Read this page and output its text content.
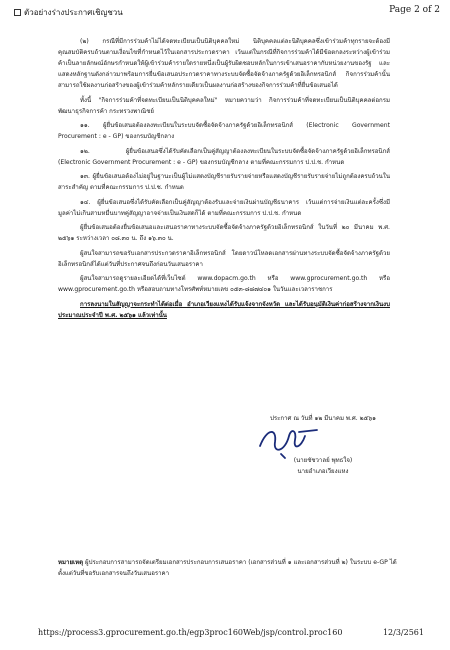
ตัวอย่างร่างประกาศเชิญชวน	Page 2 of 2

(๒) กรณีที่มีการร่วมค้าไม่ได้จดทะเบียนเป็นนิติบุคคลใหม่ นิติบุคคลแต่ละนิติบุคคลซึ่งเข้าร่วมค้าทุกรายจะต้องมีคุณสมบัติครบถ้วนตามเงื่อนไขที่กำหนดไว้ในเอกสารประกวดราคา เว้นแต่ในกรณีที่กิจการร่วมค้าได้มีข้อตกลงระหว่างผู้เข้าร่วมค้าเป็นลายลักษณ์อักษรกำหนดให้ผู้เข้าร่วมค้ารายใดรายหนึ่งเป็นผู้รับผิดชอบหลักในการเข้าเสนอราคากับหน่วยงานของรัฐ และแสดงหลักฐานดังกล่าวมาพร้อมการยื่นข้อเสนอประกวดราคาทางระบบจัดซื้อจัดจ้างภาครัฐด้วยอิเล็กทรอนิกส์ กิจการร่วมค้านั้นสามารถใช้ผลงานก่อสร้างของผู้เข้าร่วมค้าหลักรายเดียวเป็นผลงานก่อสร้างของกิจการร่วมค้าที่ยื่นข้อเสนอได้

ทั้งนี้ "กิจการร่วมค้าที่จดทะเบียนเป็นนิติบุคคลใหม่" หมายความว่า กิจการร่วมค้าที่จดทะเบียนเป็นนิติบุคคลต่อกรมพัฒนาธุรกิจการค้า กระทรวงพาณิชย์

๑๑. ผู้ยื่นข้อเสนอต้องลงทะเบียนในระบบจัดซื้อจัดจ้างภาครัฐด้วยอิเล็กทรอนิกส์ (Electronic Government Procurement : e - GP) ของกรมบัญชีกลาง

๑๒. ผู้ยื่นข้อเสนอซึ่งได้รับคัดเลือกเป็นคู่สัญญาต้องลงทะเบียนในระบบจัดซื้อจัดจ้างภาครัฐด้วยอิเล็กทรอนิกส์ (Electronic Government Procurement : e - GP) ของกรมบัญชีกลาง ตามที่คณะกรรมการ ป.ป.ช. กำหนด

๑๓. ผู้ยื่นข้อเสนอต้องไม่อยู่ในฐานะเป็นผู้ไม่แสดงบัญชีรายรับรายจ่ายหรือแสดงบัญชีรายรับรายจ่ายไม่ถูกต้องครบถ้วนในสาระสำคัญ ตามที่คณะกรรมการ ป.ป.ช. กำหนด

๑๔. ผู้ยื่นข้อเสนอซึ่งได้รับคัดเลือกเป็นคู่สัญญาต้องรับและจ่ายเงินผ่านบัญชีธนาคาร เว้นแต่การจ่ายเงินแต่ละครั้งซึ่งมีมูลค่าไม่เกินสามหมื่นบาทคู่สัญญาอาจจ่ายเป็นเงินสดก็ได้ ตามที่คณะกรรมการ ป.ป.ช. กำหนด

ผู้ยื่นข้อเสนอต้องยื่นข้อเสนอและเสนอราคาทางระบบจัดซื้อจัดจ้างภาครัฐด้วยอิเล็กทรอนิกส์ ในวันที่ ๒๐ มีนาคม พ.ศ. ๒๕๖๑ ระหว่างเวลา ๐๘.๓๐ น. ถึง ๑๖.๓๐ น.

ผู้สนใจสามารถขอรับเอกสารประกวดราคาอิเล็กทรอนิกส์ โดยดาวน์โหลดเอกสารผ่านทางระบบจัดซื้อจัดจ้างภาครัฐด้วยอิเล็กทรอนิกส์ได้แต่วันที่ประกาศจนถึงก่อนวันเสนอราคา

ผู้สนใจสามารถดูรายละเอียดได้ที่เว็บไซต์ www.dopacm.go.th หรือ www.gprocurement.go.th หรือ www.gprocurement.go.th หรือสอบถามทางโทรศัพท์หมายเลข ๐๕๓-๘๘๗๔๐๑ ในวันและเวลาราชการ

การลงนามในสัญญาจะกระทำได้ต่อเมื่อ อำเภอเวียงแหงได้รับแจ้งจากจังหวัด และได้รับอนุมัติเงินค่าก่อสร้างจากเงินงบประมาณประจำปี พ.ศ. ๒๕๖๑ แล้วเท่านั้น

ประกาศ ณ วันที่ ๑๒ มีนาคม พ.ศ. ๒๕๖๑
(นายชัชวาลย์ พุทธใจ)
นายอำเภอเวียงแหง
หมายเหตุ ผู้ประกอบการสามารถจัดเตรียมเอกสารประกอบการเสนอราคา (เอกสารส่วนที่ ๑ และเอกสารส่วนที่ ๒) ในระบบ e-GP ได้ตั้งแต่วันที่ขอรับเอกสารจนถึงวันเสนอราคา
https://process3.gprocurement.go.th/egp3proc160Web/jsp/control.proc160	12/3/2561
